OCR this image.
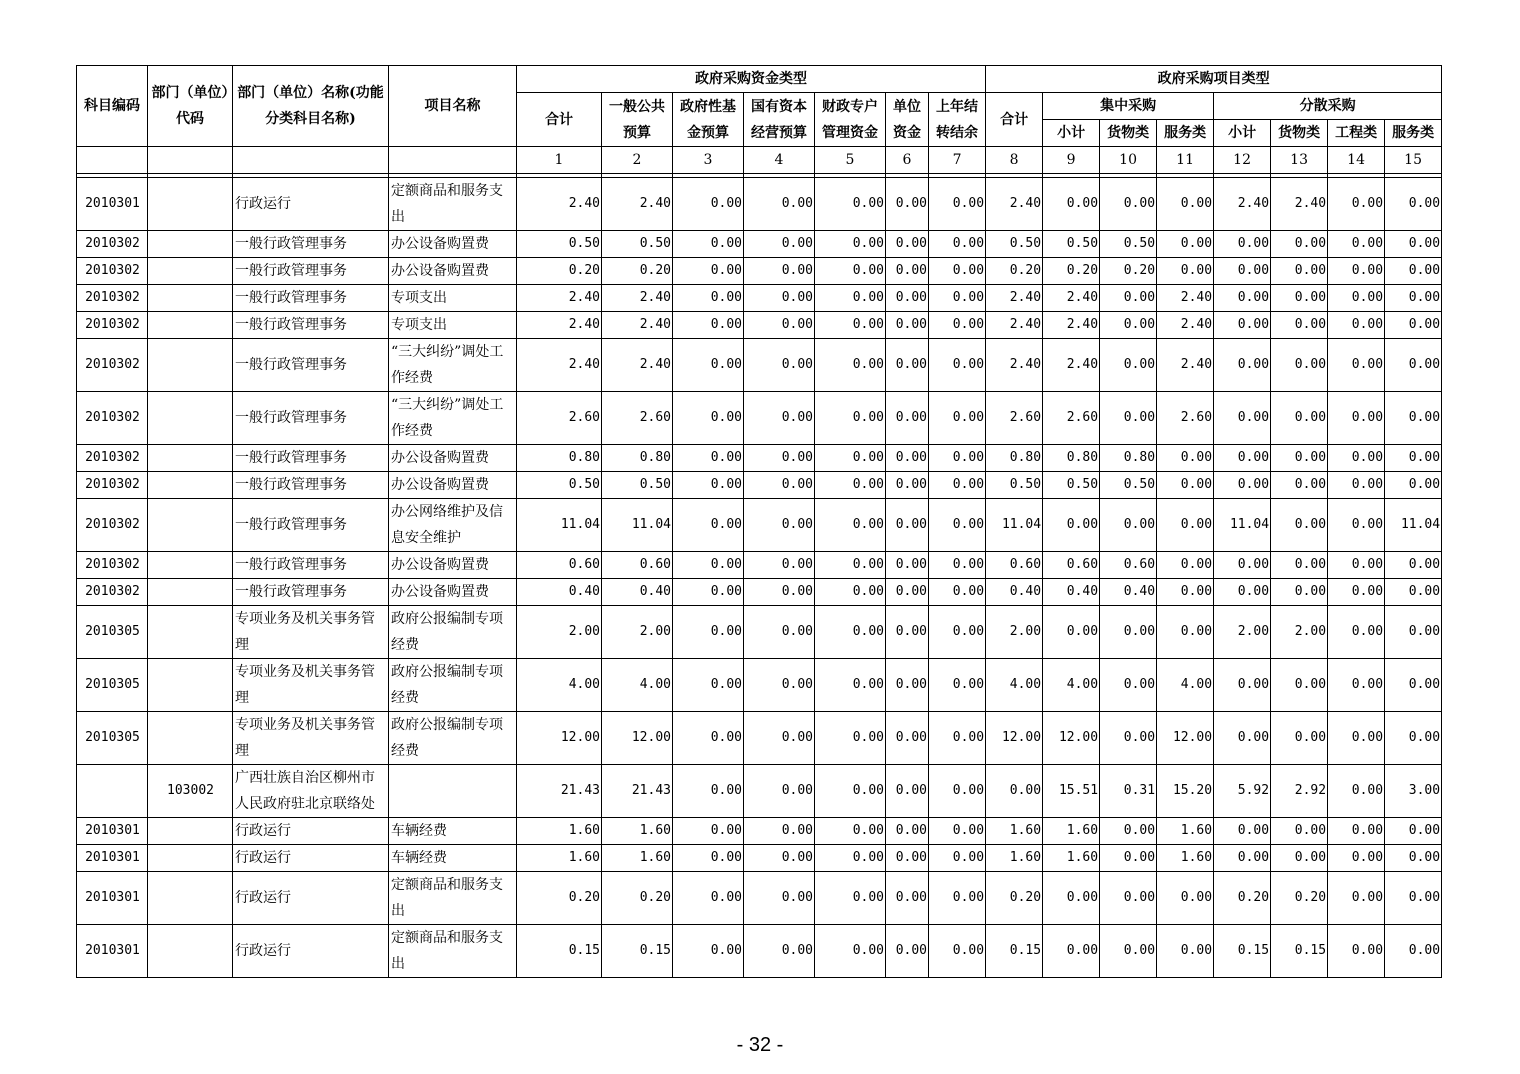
科目编码	部门（单位）代码	部门（单位）名称(功能分类科目名称)	项目名称	政府采购资金类型							政府采购项目类型							
				合计	一般公共预算	政府性基金预算	国有资本经营预算	财政专户管理资金	单位资金	上年结转结余	合计	集中采购			分散采购			
												小计	货物类	服务类	小计	货物类	工程类	服务类
				1	2	3	4	5	6	7	8	9	10	11	12	13	14	15

2010301		行政运行	定额商品和服务支出	2.40	2.40	0.00	0.00	0.00	0.00	0.00	2.40	0.00	0.00	0.00	2.40	2.40	0.00	0.00
2010302		一般行政管理事务	办公设备购置费	0.50	0.50	0.00	0.00	0.00	0.00	0.00	0.50	0.50	0.50	0.00	0.00	0.00	0.00	0.00
2010302		一般行政管理事务	办公设备购置费	0.20	0.20	0.00	0.00	0.00	0.00	0.00	0.20	0.20	0.20	0.00	0.00	0.00	0.00	0.00
2010302		一般行政管理事务	专项支出	2.40	2.40	0.00	0.00	0.00	0.00	0.00	2.40	2.40	0.00	2.40	0.00	0.00	0.00	0.00
2010302		一般行政管理事务	专项支出	2.40	2.40	0.00	0.00	0.00	0.00	0.00	2.40	2.40	0.00	2.40	0.00	0.00	0.00	0.00
2010302		一般行政管理事务	“三大纠纷”调处工作经费	2.40	2.40	0.00	0.00	0.00	0.00	0.00	2.40	2.40	0.00	2.40	0.00	0.00	0.00	0.00
2010302		一般行政管理事务	“三大纠纷”调处工作经费	2.60	2.60	0.00	0.00	0.00	0.00	0.00	2.60	2.60	0.00	2.60	0.00	0.00	0.00	0.00
2010302		一般行政管理事务	办公设备购置费	0.80	0.80	0.00	0.00	0.00	0.00	0.00	0.80	0.80	0.80	0.00	0.00	0.00	0.00	0.00
2010302		一般行政管理事务	办公设备购置费	0.50	0.50	0.00	0.00	0.00	0.00	0.00	0.50	0.50	0.50	0.00	0.00	0.00	0.00	0.00
2010302		一般行政管理事务	办公网络维护及信息安全维护	11.04	11.04	0.00	0.00	0.00	0.00	0.00	11.04	0.00	0.00	0.00	11.04	0.00	0.00	11.04
2010302		一般行政管理事务	办公设备购置费	0.60	0.60	0.00	0.00	0.00	0.00	0.00	0.60	0.60	0.60	0.00	0.00	0.00	0.00	0.00
2010302		一般行政管理事务	办公设备购置费	0.40	0.40	0.00	0.00	0.00	0.00	0.00	0.40	0.40	0.40	0.00	0.00	0.00	0.00	0.00
2010305		专项业务及机关事务管理	政府公报编制专项经费	2.00	2.00	0.00	0.00	0.00	0.00	0.00	2.00	0.00	0.00	0.00	2.00	2.00	0.00	0.00
2010305		专项业务及机关事务管理	政府公报编制专项经费	4.00	4.00	0.00	0.00	0.00	0.00	0.00	4.00	4.00	0.00	4.00	0.00	0.00	0.00	0.00
2010305		专项业务及机关事务管理	政府公报编制专项经费	12.00	12.00	0.00	0.00	0.00	0.00	0.00	12.00	12.00	0.00	12.00	0.00	0.00	0.00	0.00
	103002	广西壮族自治区柳州市人民政府驻北京联络处		21.43	21.43	0.00	0.00	0.00	0.00	0.00	0.00	15.51	0.31	15.20	5.92	2.92	0.00	3.00
2010301		行政运行	车辆经费	1.60	1.60	0.00	0.00	0.00	0.00	0.00	1.60	1.60	0.00	1.60	0.00	0.00	0.00	0.00
2010301		行政运行	车辆经费	1.60	1.60	0.00	0.00	0.00	0.00	0.00	1.60	1.60	0.00	1.60	0.00	0.00	0.00	0.00
2010301		行政运行	定额商品和服务支出	0.20	0.20	0.00	0.00	0.00	0.00	0.00	0.20	0.00	0.00	0.00	0.20	0.20	0.00	0.00
2010301		行政运行	定额商品和服务支出	0.15	0.15	0.00	0.00	0.00	0.00	0.00	0.15	0.00	0.00	0.00	0.15	0.15	0.00	0.00
- 32 -
